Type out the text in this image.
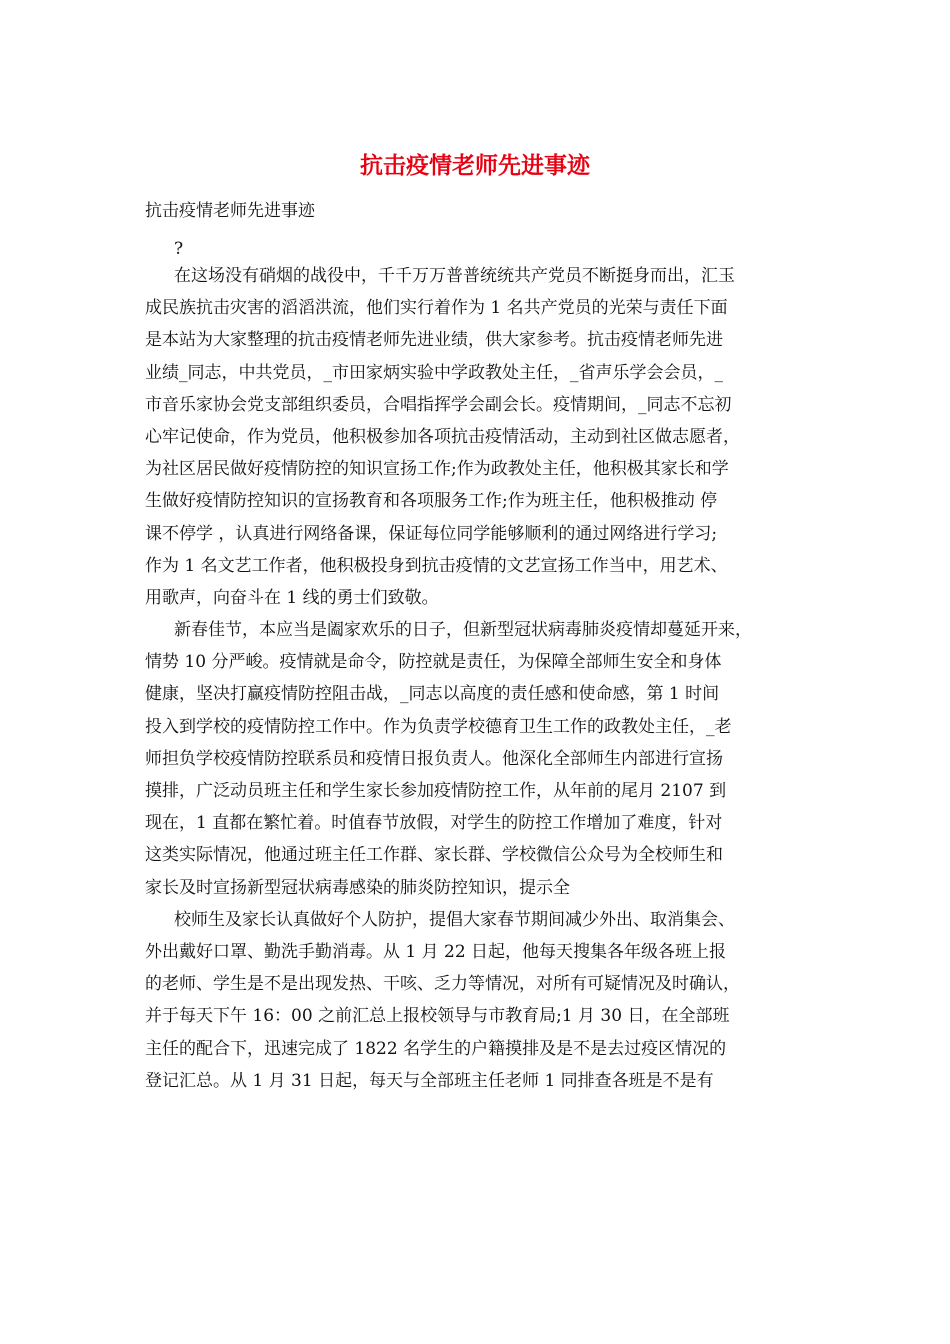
抗击疫情老师先进事迹

抗击疫情老师先进事迹

?

在这场没有硝烟的战役中，千千万万普普统统共产党员不断挺身而出，汇玉
成民族抗击灾害的滔滔洪流，他们实行着作为 1 名共产党员的光荣与责任下面
是本站为大家整理的抗击疫情老师先进业绩，供大家参考。抗击疫情老师先进
业绩_同志，中共党员，_市田家炳实验中学政教处主任，_省声乐学会会员，_
市音乐家协会党支部组织委员，合唱指挥学会副会长。疫情期间，_同志不忘初
心牢记使命，作为党员，他积极参加各项抗击疫情活动，主动到社区做志愿者，
为社区居民做好疫情防控的知识宣扬工作;作为政教处主任，他积极其家长和学
生做好疫情防控知识的宣扬教育和各项服务工作;作为班主任，他积极推动 停
课不停学 ，认真进行网络备课，保证每位同学能够顺利的通过网络进行学习;
作为 1 名文艺工作者，他积极投身到抗击疫情的文艺宣扬工作当中，用艺术、
用歌声，向奋斗在 1 线的勇士们致敬。

新春佳节，本应当是阖家欢乐的日子，但新型冠状病毒肺炎疫情却蔓延开来，
情势 10 分严峻。疫情就是命令，防控就是责任，为保障全部师生安全和身体
健康，坚决打赢疫情防控阻击战，_同志以高度的责任感和使命感，第 1 时间
投入到学校的疫情防控工作中。作为负责学校德育卫生工作的政教处主任，_老
师担负学校疫情防控联系员和疫情日报负责人。他深化全部师生内部进行宣扬
摸排，广泛动员班主任和学生家长参加疫情防控工作，从年前的尾月 2107 到
现在，1 直都在繁忙着。时值春节放假，对学生的防控工作增加了难度，针对
这类实际情况，他通过班主任工作群、家长群、学校微信公众号为全校师生和
家长及时宣扬新型冠状病毒感染的肺炎防控知识，提示全

校师生及家长认真做好个人防护，提倡大家春节期间减少外出、取消集会、
外出戴好口罩、勤洗手勤消毒。从 1 月 22 日起，他每天搜集各年级各班上报
的老师、学生是不是出现发热、干咳、乏力等情况，对所有可疑情况及时确认，
并于每天下午 16：00 之前汇总上报校领导与市教育局;1 月 30 日，在全部班
主任的配合下，迅速完成了 1822 名学生的户籍摸排及是不是去过疫区情况的
登记汇总。从 1 月 31 日起，每天与全部班主任老师 1 同排查各班是不是有
